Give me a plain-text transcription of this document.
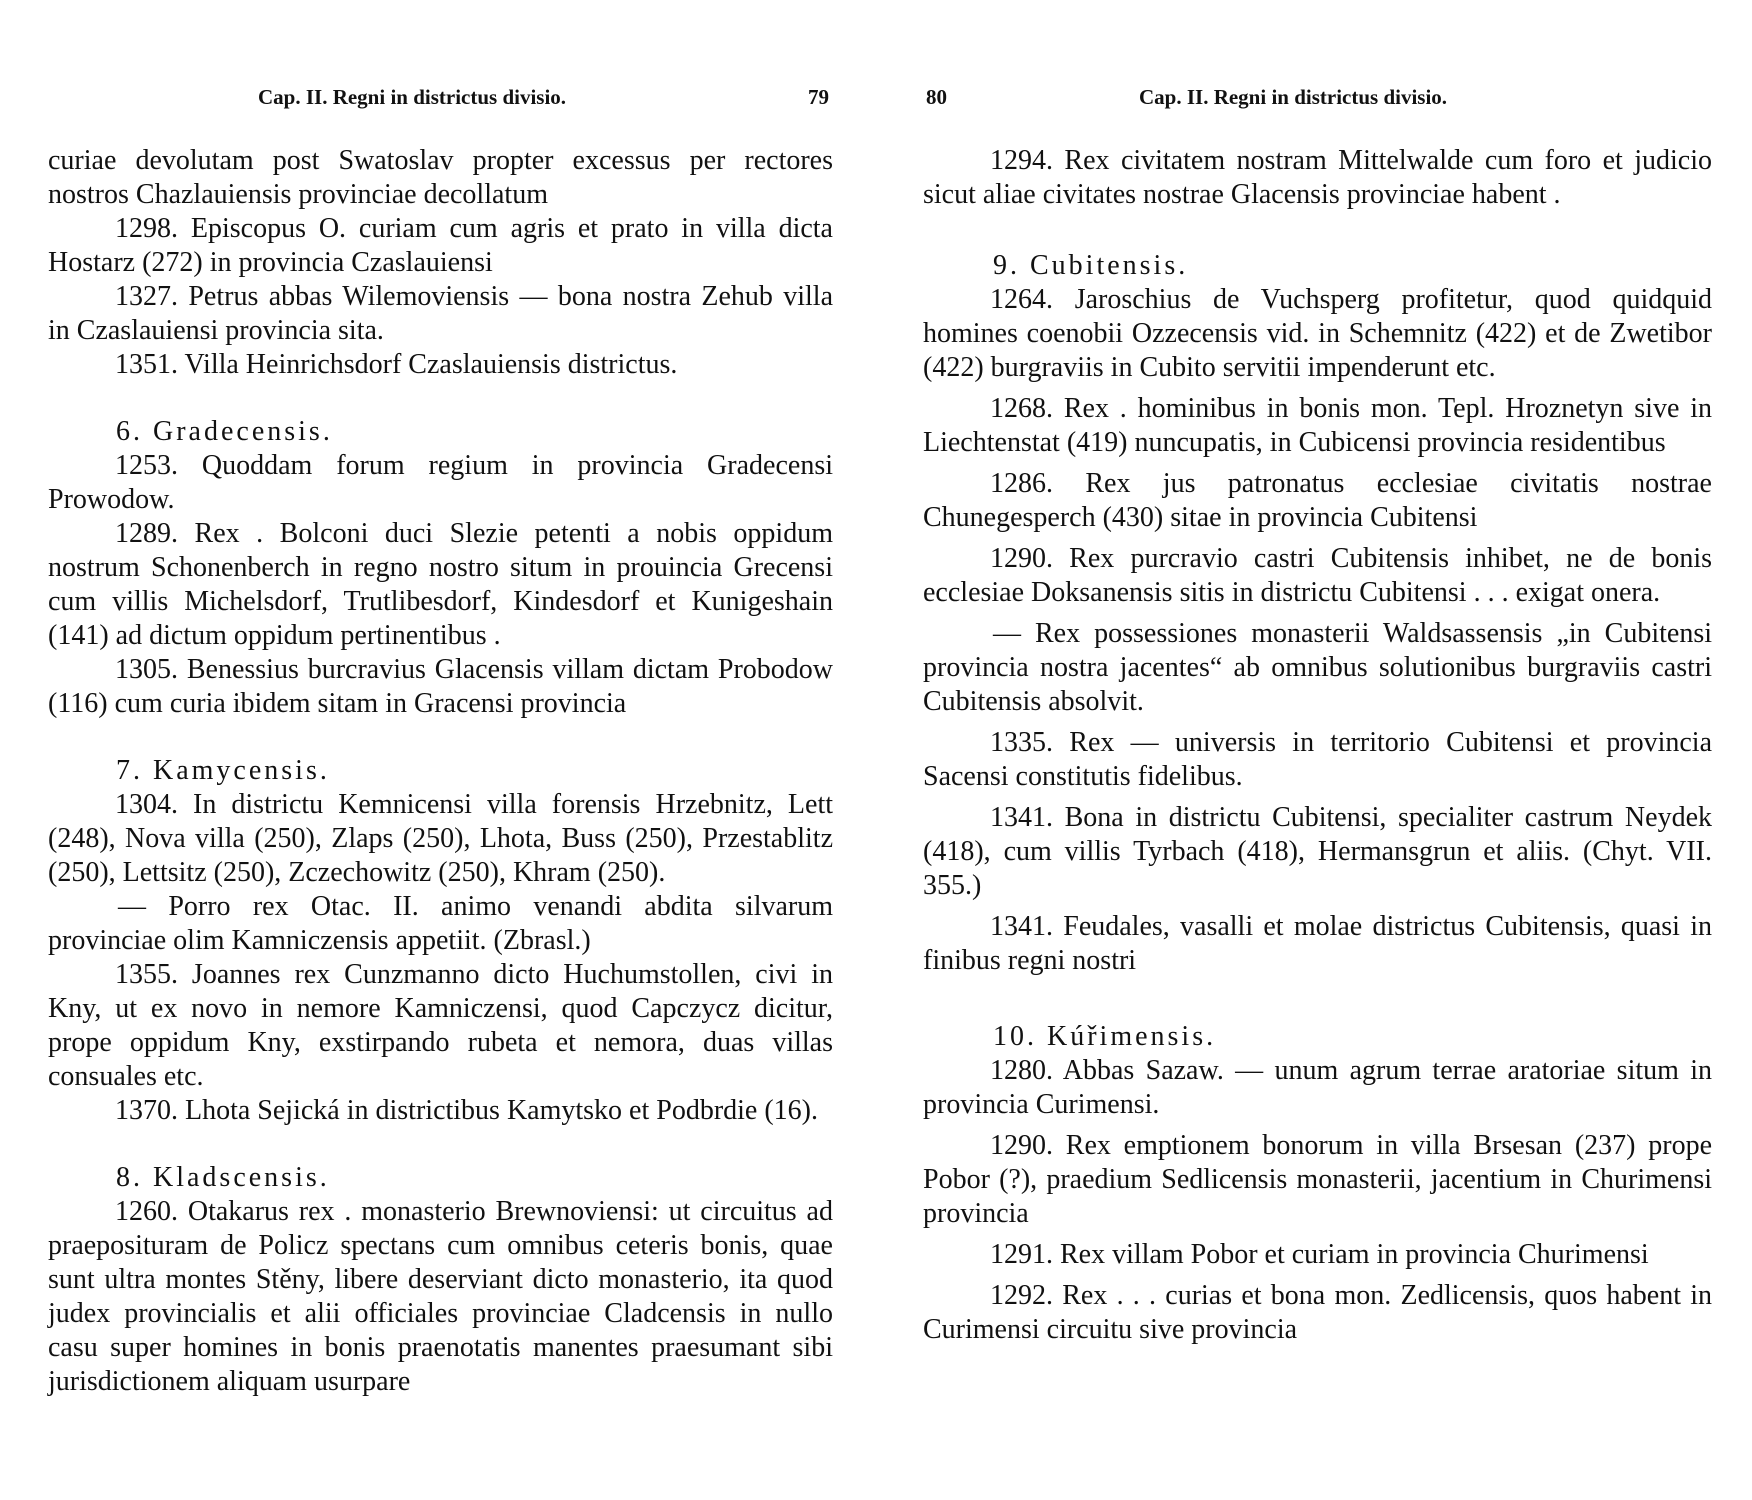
Cap. II. Regni in districtus divisio.	79

curiae devolutam post Swatoslav propter excessus per rectores nostros Chazlauiensis provinciae decollatum

1298. Episcopus O. curiam cum agris et prato in villa dicta Hostarz (272) in provincia Czaslauiensi

1327. Petrus abbas Wilemoviensis — bona nostra Zehub villa in Czaslauiensi provincia sita.

1351. Villa Heinrichsdorf Czaslauiensis districtus.

6. Gradecensis.

1253. Quoddam forum regium in provincia Gradecensi Prowodow.

1289. Rex . Bolconi duci Slezie petenti a nobis oppidum nostrum Schonenberch in regno nostro situm in prouincia Grecensi cum villis Michelsdorf, Trutlibesdorf, Kindesdorf et Kunigeshain (141) ad dictum oppidum pertinentibus .

1305. Benessius burcravius Glacensis villam dictam Probodow (116) cum curia ibidem sitam in Gracensi provincia

7. Kamycensis.

1304. In districtu Kemnicensi villa forensis Hrzebnitz, Lett (248), Nova villa (250), Zlaps (250), Lhota, Buss (250), Przestablitz (250), Lettsitz (250), Zczechowitz (250), Khram (250).

— Porro rex Otac. II. animo venandi abdita silvarum provinciae olim Kamniczensis appetiit. (Zbrasl.)

1355. Joannes rex Cunzmanno dicto Huchumstollen, civi in Kny, ut ex novo in nemore Kamniczensi, quod Capczycz dicitur, prope oppidum Kny, exstirpando rubeta et nemora, duas villas consuales etc.

1370. Lhota Sejická in districtibus Kamytsko et Podbrdie (16).

8. Kladscensis.

1260. Otakarus rex . monasterio Brewnoviensi: ut circuitus ad praeposituram de Policz spectans cum omnibus ceteris bonis, quae sunt ultra montes Stěny, libere deserviant dicto monasterio, ita quod judex provincialis et alii officiales provinciae Cladcensis in nullo casu super homines in bonis praenotatis manentes praesumant sibi jurisdictionem aliquam usurpare

80	Cap. II. Regni in districtus divisio.

1294. Rex civitatem nostram Mittelwalde cum foro et judicio sicut aliae civitates nostrae Glacensis provinciae habent .

9. Cubitensis.

1264. Jaroschius de Vuchsperg profitetur, quod quidquid homines coenobii Ozzecensis vid. in Schemnitz (422) et de Zwetibor (422) burgraviis in Cubito servitii impenderunt etc.

1268. Rex . hominibus in bonis mon. Tepl. Hroznetyn sive in Liechtenstat (419) nuncupatis, in Cubicensi provincia residentibus

1286. Rex jus patronatus ecclesiae civitatis nostrae Chunegesperch (430) sitae in provincia Cubitensi

1290. Rex purcravio castri Cubitensis inhibet, ne de bonis ecclesiae Doksanensis sitis in districtu Cubitensi . . . exigat onera.

— Rex possessiones monasterii Waldsassensis „in Cubitensi provincia nostra jacentes“ ab omnibus solutionibus burgraviis castri Cubitensis absolvit.

1335. Rex — universis in territorio Cubitensi et provincia Sacensi constitutis fidelibus.

1341. Bona in districtu Cubitensi, specialiter castrum Neydek (418), cum villis Tyrbach (418), Hermansgrun et aliis. (Chyt. VII. 355.)

1341. Feudales, vasalli et molae districtus Cubitensis, quasi in finibus regni nostri

10. Kúřimensis.

1280. Abbas Sazaw. — unum agrum terrae aratoriae situm in provincia Curimensi.

1290. Rex emptionem bonorum in villa Brsesan (237) prope Pobor (?), praedium Sedlicensis monasterii, jacentium in Churimensi provincia

1291. Rex villam Pobor et curiam in provincia Churimensi

1292. Rex . . . curias et bona mon. Zedlicensis, quos habent in Curimensi circuitu sive provincia
